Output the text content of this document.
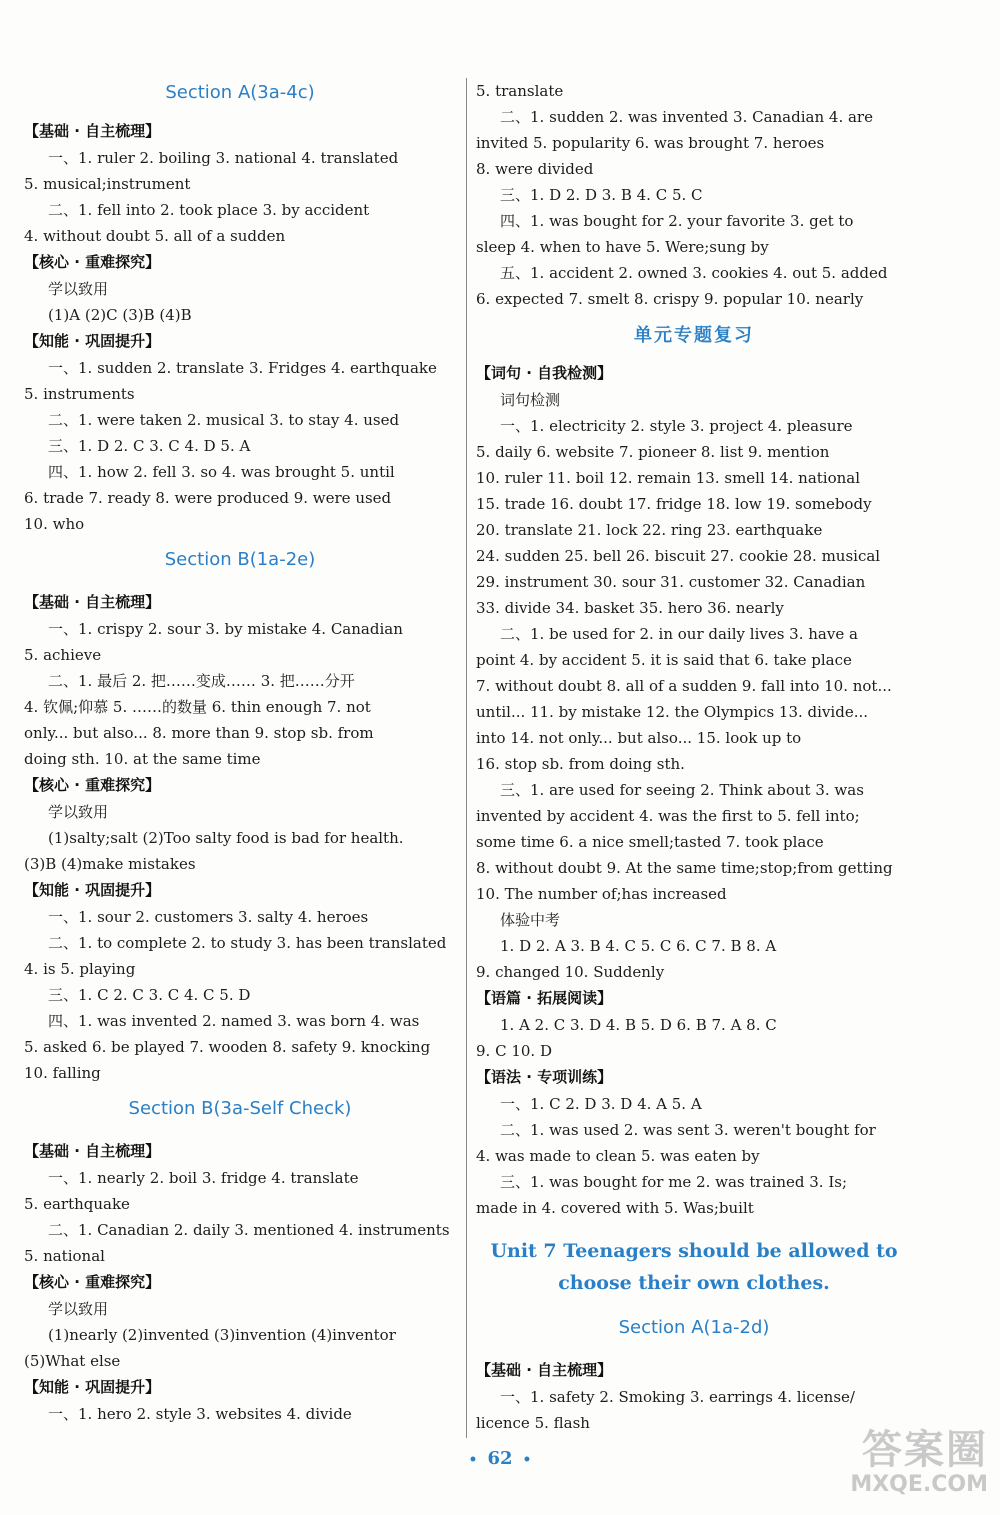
Section A(3a-4c)
【基础 · 自主梳理】
一、1. ruler 2. boiling 3. national 4. translated
5. musical;instrument
二、1. fell into 2. took place 3. by accident
4. without doubt 5. all of a sudden
【核心 · 重难探究】
学以致用
(1)A (2)C (3)B (4)B
【知能 · 巩固提升】
一、1. sudden 2. translate 3. Fridges 4. earthquake
5. instruments
二、1. were taken 2. musical 3. to stay 4. used
三、1. D 2. C 3. C 4. D 5. A
四、1. how 2. fell 3. so 4. was brought 5. until
6. trade 7. ready 8. were produced 9. were used
10. who
Section B(1a-2e)
【基础 · 自主梳理】
一、1. crispy 2. sour 3. by mistake 4. Canadian
5. achieve
二、1. 最后 2. 把……变成…… 3. 把……分开
4. 钦佩;仰慕 5. ……的数量 6. thin enough 7. not
only... but also... 8. more than 9. stop sb. from
doing sth. 10. at the same time
【核心 · 重难探究】
学以致用
(1)salty;salt (2)Too salty food is bad for health.
(3)B (4)make mistakes
【知能 · 巩固提升】
一、1. sour 2. customers 3. salty 4. heroes
二、1. to complete 2. to study 3. has been translated
4. is 5. playing
三、1. C 2. C 3. C 4. C 5. D
四、1. was invented 2. named 3. was born 4. was
5. asked 6. be played 7. wooden 8. safety 9. knocking
10. falling
Section B(3a-Self Check)
【基础 · 自主梳理】
一、1. nearly 2. boil 3. fridge 4. translate
5. earthquake
二、1. Canadian 2. daily 3. mentioned 4. instruments
5. national
【核心 · 重难探究】
学以致用
(1)nearly (2)invented (3)invention (4)inventor
(5)What else
【知能 · 巩固提升】
一、1. hero 2. style 3. websites 4. divide
5. translate
二、1. sudden 2. was invented 3. Canadian 4. are
invited 5. popularity 6. was brought 7. heroes
8. were divided
三、1. D 2. D 3. B 4. C 5. C
四、1. was bought for 2. your favorite 3. get to
sleep 4. when to have 5. Were;sung by
五、1. accident 2. owned 3. cookies 4. out 5. added
6. expected 7. smelt 8. crispy 9. popular 10. nearly
单元专题复习
【词句 · 自我检测】
词句检测
一、1. electricity 2. style 3. project 4. pleasure
5. daily 6. website 7. pioneer 8. list 9. mention
10. ruler 11. boil 12. remain 13. smell 14. national
15. trade 16. doubt 17. fridge 18. low 19. somebody
20. translate 21. lock 22. ring 23. earthquake
24. sudden 25. bell 26. biscuit 27. cookie 28. musical
29. instrument 30. sour 31. customer 32. Canadian
33. divide 34. basket 35. hero 36. nearly
二、1. be used for 2. in our daily lives 3. have a
point 4. by accident 5. it is said that 6. take place
7. without doubt 8. all of a sudden 9. fall into 10. not...
until... 11. by mistake 12. the Olympics 13. divide...
into 14. not only... but also... 15. look up to
16. stop sb. from doing sth.
三、1. are used for seeing 2. Think about 3. was
invented by accident 4. was the first to 5. fell into;
some time 6. a nice smell;tasted 7. took place
8. without doubt 9. At the same time;stop;from getting
10. The number of;has increased
体验中考
1. D 2. A 3. B 4. C 5. C 6. C 7. B 8. A
9. changed 10. Suddenly
【语篇 · 拓展阅读】
1. A 2. C 3. D 4. B 5. D 6. B 7. A 8. C
9. C 10. D
【语法 · 专项训练】
一、1. C 2. D 3. D 4. A 5. A
二、1. was used 2. was sent 3. weren't bought for
4. was made to clean 5. was eaten by
三、1. was bought for me 2. was trained 3. Is;
made in 4. covered with 5. Was;built
Unit 7 Teenagers should be allowed to
choose their own clothes.
Section A(1a-2d)
【基础 · 自主梳理】
一、1. safety 2. Smoking 3. earrings 4. license/
licence 5. flash
• 62 •	答案圈
MXQE.COM
